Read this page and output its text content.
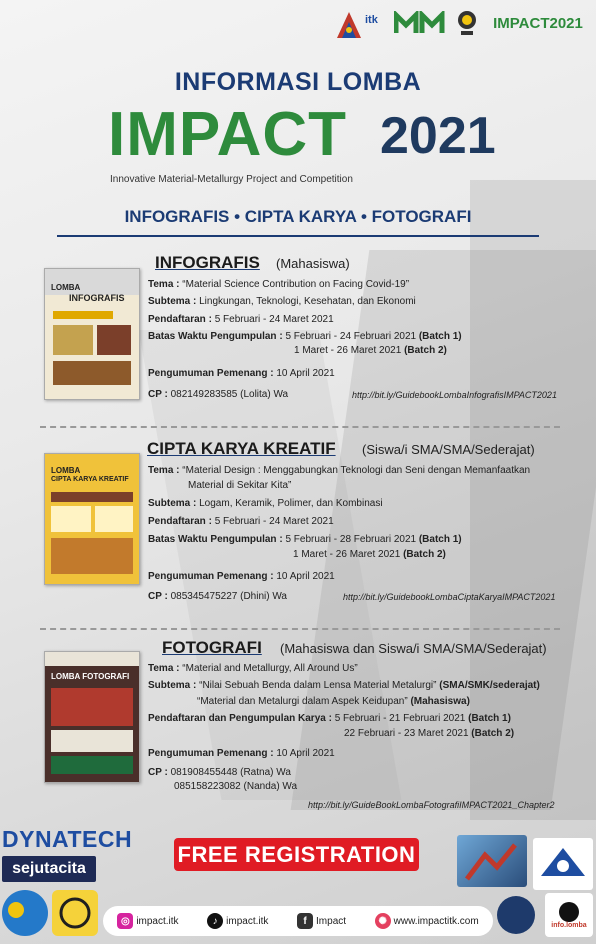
itk	IMPACT2021
INFORMASI LOMBA
IMPACT 2021
Innovative Material-Metallurgy Project and Competition
INFOGRAFIS • CIPTA KARYA • FOTOGRAFI
LOMBA
INFOGRAFIS
INFOGRAFIS (Mahasiswa)
Tema : “Material Science Contribution on Facing Covid-19”
Subtema : Lingkungan, Teknologi, Kesehatan, dan Ekonomi
Pendaftaran : 5 Februari - 24 Maret 2021
Batas Waktu Pengumpulan : 5 Februari - 24 Februari 2021 (Batch 1)
1 Maret - 26 Maret 2021 (Batch 2)
Pengumuman Pemenang : 10 April 2021
CP : 082149283585 (Lolita) Wa	http://bit.ly/GuidebookLombaInfografisIMPACT2021
LOMBA
CIPTA KARYA KREATIF
CIPTA KARYA KREATIF (Siswa/i SMA/SMA/Sederajat)
Tema : “Material Design : Menggabungkan Teknologi dan Seni dengan Memanfaatkan
Material di Sekitar Kita”
Subtema : Logam, Keramik, Polimer, dan Kombinasi
Pendaftaran : 5 Februari - 24 Maret 2021
Batas Waktu Pengumpulan : 5 Februari - 28 Februari 2021 (Batch 1)
1 Maret - 26 Maret 2021 (Batch 2)
Pengumuman Pemenang : 10 April 2021
CP : 085345475227 (Dhini) Wa	http://bit.ly/GuidebookLombaCiptaKaryaIMPACT2021
LOMBA FOTOGRAFI
FOTOGRAFI (Mahasiswa dan Siswa/i SMA/SMA/Sederajat)
Tema : “Material and Metallurgy, All Around Us”
Subtema : “Nilai Sebuah Benda dalam Lensa Material Metalurgi” (SMA/SMK/sederajat)
“Material dan Metalurgi dalam Aspek Keidupan” (Mahasiswa)
Pendaftaran dan Pengumpulan Karya : 5 Februari - 21 Februari 2021 (Batch 1)
22 Februari - 23 Maret 2021 (Batch 2)
Pengumuman Pemenang : 10 April 2021
CP : 081908455448 (Ratna) Wa
085158223082 (Nanda) Wa
http://bit.ly/GuideBookLombaFotografiIMPACT2021_Chapter2
DYNATECH
sejutacita
FREE REGISTRATION
◎ impact.itk	♪ impact.itk	f Impact	✺ www.impactitk.com	info.lomba
